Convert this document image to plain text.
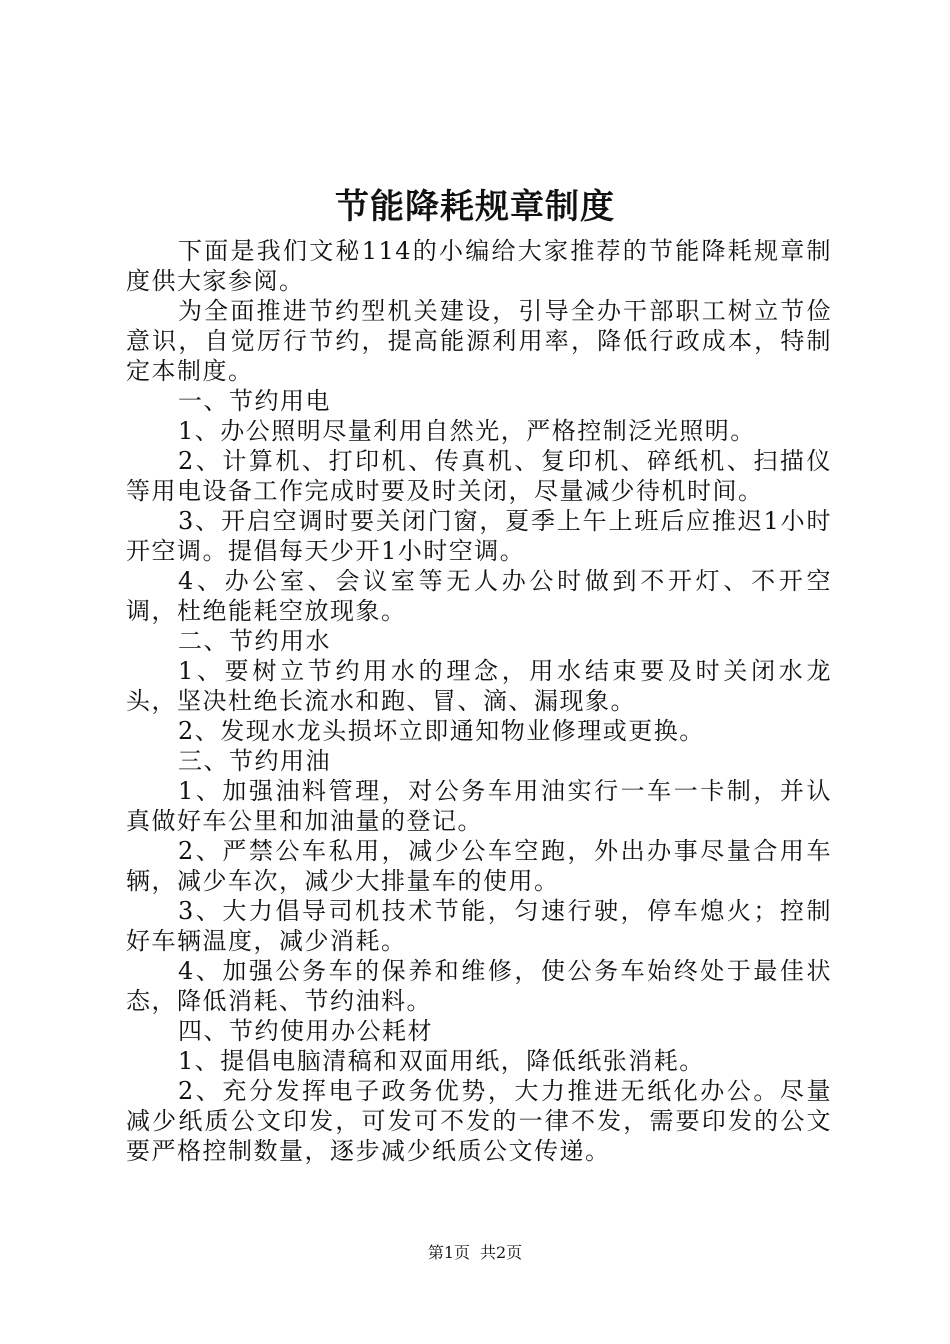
节能降耗规章制度

下面是我们文秘114的小编给大家推荐的节能降耗规章制度供大家参阅。

为全面推进节约型机关建设，引导全办干部职工树立节俭意识，自觉厉行节约，提高能源利用率，降低行政成本，特制定本制度。

一、节约用电

1、办公照明尽量利用自然光，严格控制泛光照明。

2、计算机、打印机、传真机、复印机、碎纸机、扫描仪等用电设备工作完成时要及时关闭，尽量减少待机时间。

3、开启空调时要关闭门窗，夏季上午上班后应推迟1小时开空调。提倡每天少开1小时空调。

4、办公室、会议室等无人办公时做到不开灯、不开空调，杜绝能耗空放现象。

二、节约用水

1、要树立节约用水的理念，用水结束要及时关闭水龙头，坚决杜绝长流水和跑、冒、滴、漏现象。

2、发现水龙头损坏立即通知物业修理或更换。

三、节约用油

1、加强油料管理，对公务车用油实行一车一卡制，并认真做好车公里和加油量的登记。

2、严禁公车私用，减少公车空跑，外出办事尽量合用车辆，减少车次，减少大排量车的使用。

3、大力倡导司机技术节能，匀速行驶，停车熄火；控制好车辆温度，减少消耗。

4、加强公务车的保养和维修，使公务车始终处于最佳状态，降低消耗、节约油料。

四、节约使用办公耗材

1、提倡电脑清稿和双面用纸，降低纸张消耗。

2、充分发挥电子政务优势，大力推进无纸化办公。尽量减少纸质公文印发，可发可不发的一律不发，需要印发的公文要严格控制数量，逐步减少纸质公文传递。

第1页 共2页
